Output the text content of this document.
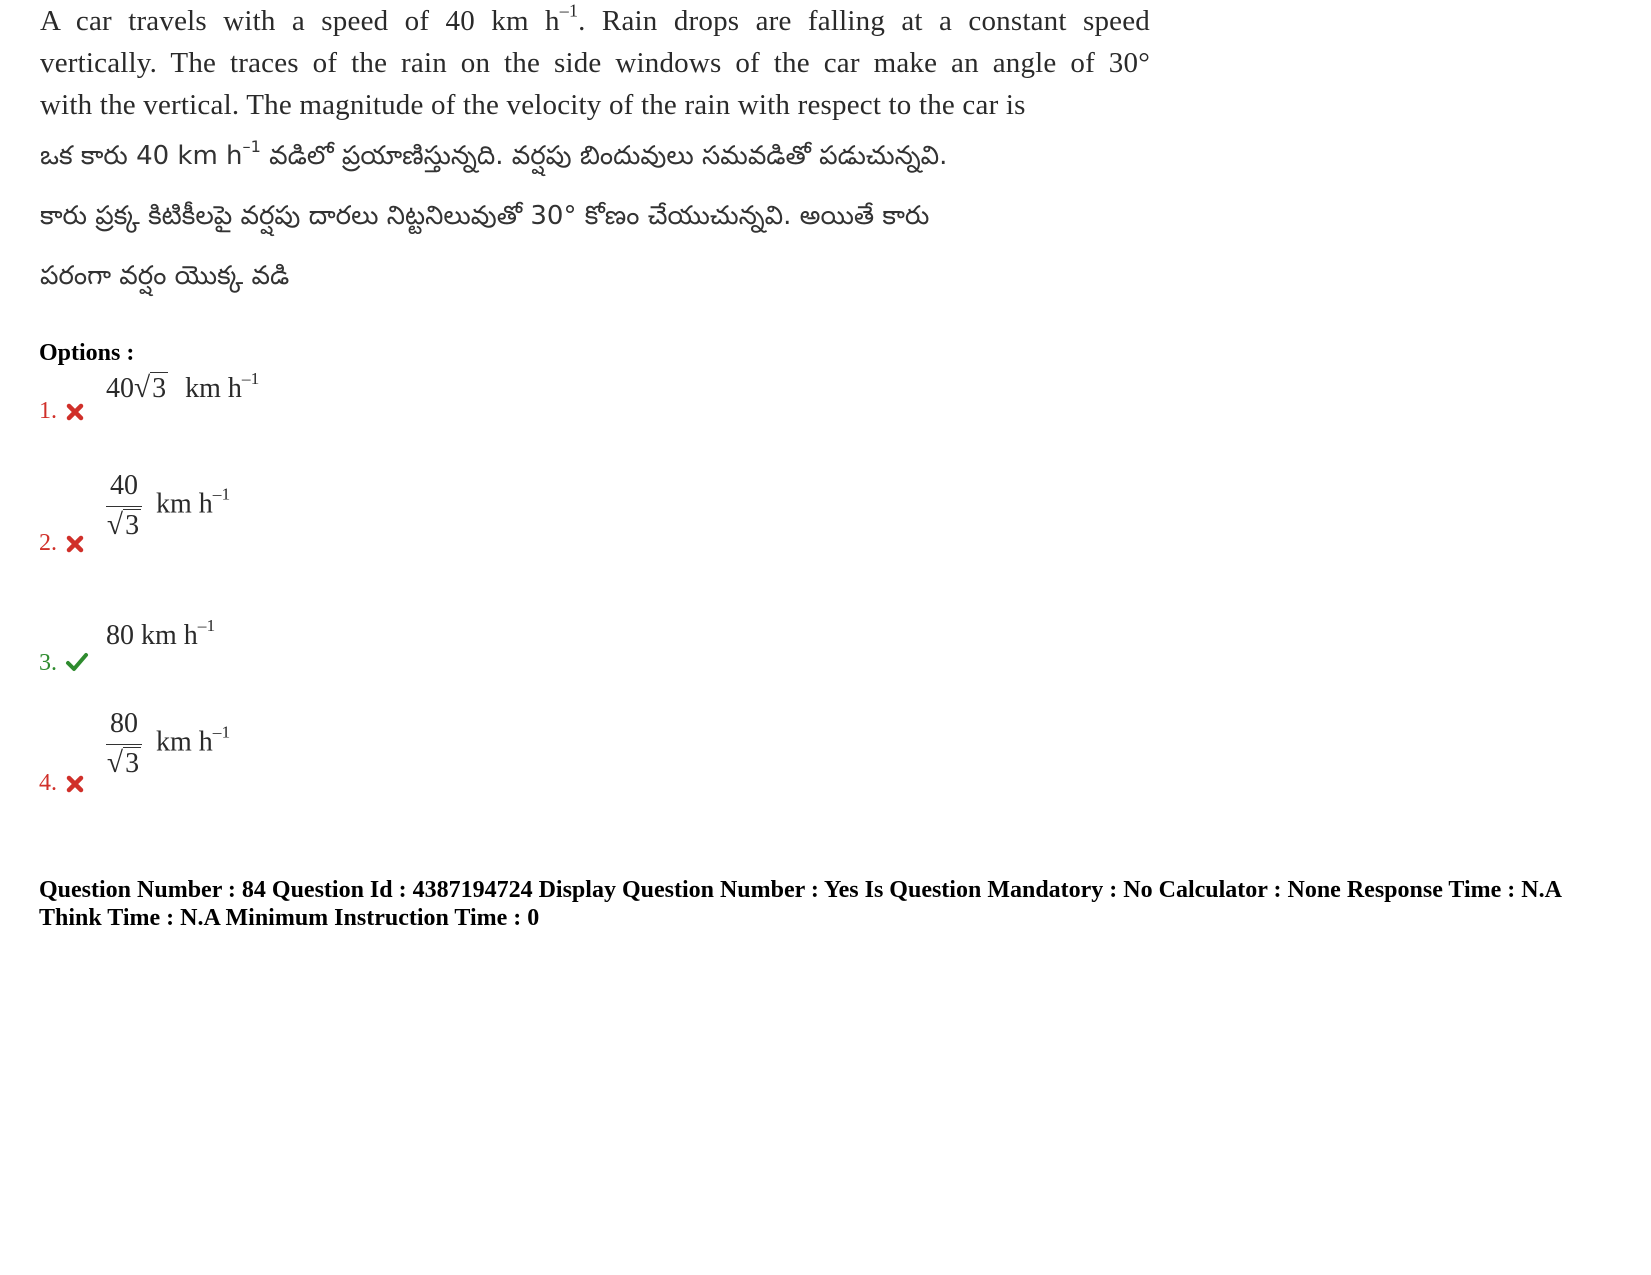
A car travels with a speed of 40 km $h^{-1}$. Rain drops are falling at a constant speed
vertically. The traces of the rain on the side windows of the car make an angle of 30°
with the vertical. The magnitude of the velocity of the rain with respect to the car is
ఒక కారు 40 km $h^{-1}$ వడిలో ప్రయాణిస్తున్నది. వర్షపు బిందువులు సమవడితో పడుచున్నవి.
కారు ప్రక్క కిటికీలపై వర్షపు దారలు నిట్టనిలువుతో 30° కోణం చేయుచున్నవి. అయితే కారు
పరంగా వర్షం యొక్క వడి
Options :
1.
40√3 km $h^{-1}$
2.
$\frac{40}{√3}$ km $h^{-1}$
3.
80 km $h^{-1}$
4.
$\frac{80}{√3}$ km $h^{-1}$
Question Number : 84 Question Id : 4387194724 Display Question Number : Yes Is Question Mandatory : No Calculator : None Response Time : N.A Think Time : N.A Minimum Instruction Time : 0
